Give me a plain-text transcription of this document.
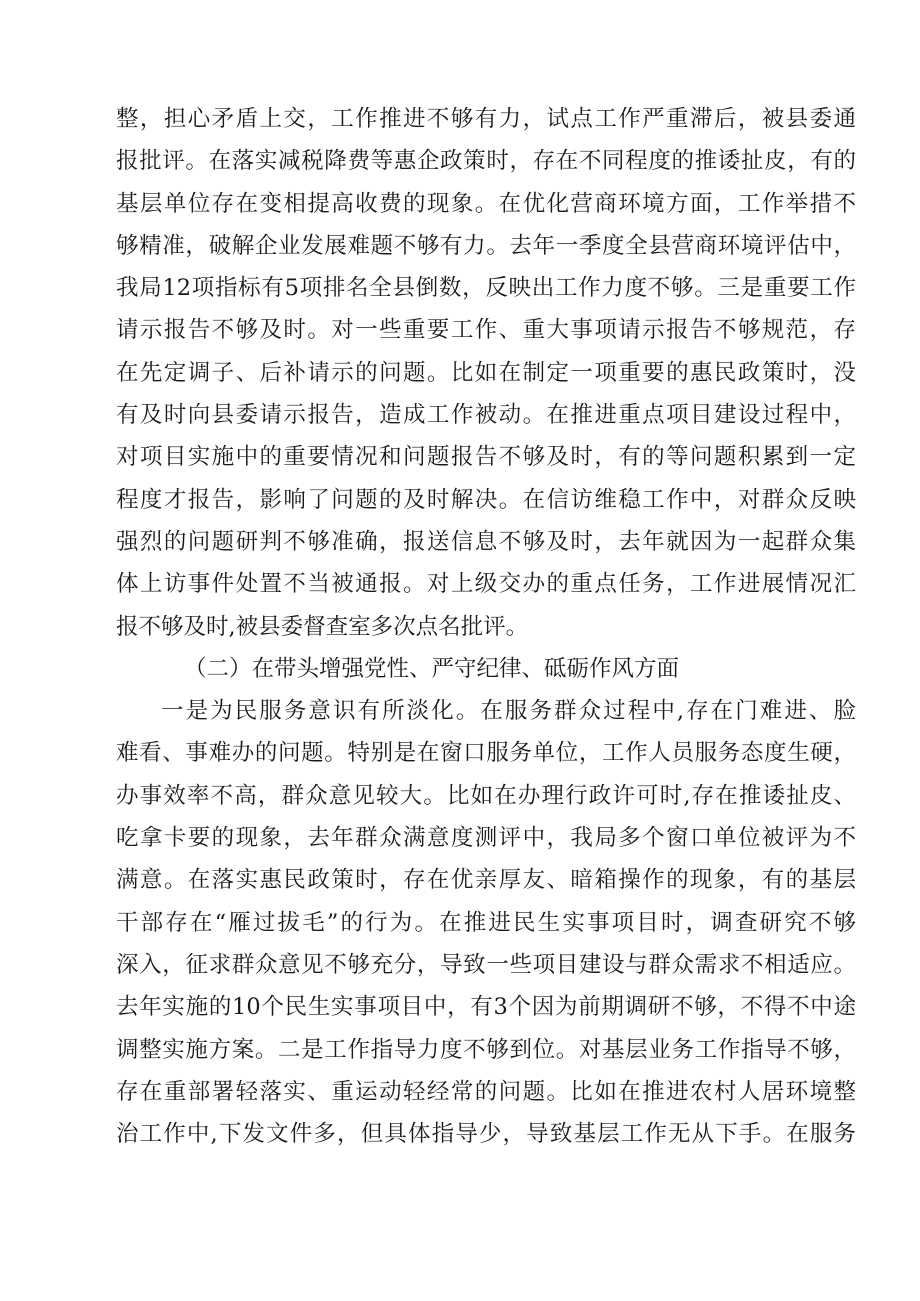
整，担心矛盾上交，工作推进不够有力，试点工作严重滞后，被县委通
报批评。在落实减税降费等惠企政策时，存在不同程度的推诿扯皮，有的
基层单位存在变相提高收费的现象。在优化营商环境方面，工作举措不
够精准，破解企业发展难题不够有力。去年一季度全县营商环境评估中，
我局12项指标有5项排名全县倒数，反映出工作力度不够。三是重要工作
请示报告不够及时。对一些重要工作、重大事项请示报告不够规范，存
在先定调子、后补请示的问题。比如在制定一项重要的惠民政策时，没
有及时向县委请示报告，造成工作被动。在推进重点项目建设过程中，
对项目实施中的重要情况和问题报告不够及时，有的等问题积累到一定
程度才报告，影响了问题的及时解决。在信访维稳工作中，对群众反映
强烈的问题研判不够准确，报送信息不够及时，去年就因为一起群众集
体上访事件处置不当被通报。对上级交办的重点任务，工作进展情况汇
报不够及时,被县委督查室多次点名批评。
（二）在带头增强党性、严守纪律、砥砺作风方面
一是为民服务意识有所淡化。在服务群众过程中,存在门难进、脸
难看、事难办的问题。特别是在窗口服务单位，工作人员服务态度生硬，
办事效率不高，群众意见较大。比如在办理行政许可时,存在推诿扯皮、
吃拿卡要的现象，去年群众满意度测评中，我局多个窗口单位被评为不
满意。在落实惠民政策时，存在优亲厚友、暗箱操作的现象，有的基层
干部存在“雁过拔毛”的行为。在推进民生实事项目时，调查研究不够
深入，征求群众意见不够充分，导致一些项目建设与群众需求不相适应。
去年实施的10个民生实事项目中，有3个因为前期调研不够，不得不中途
调整实施方案。二是工作指导力度不够到位。对基层业务工作指导不够，
存在重部署轻落实、重运动轻经常的问题。比如在推进农村人居环境整
治工作中,下发文件多，但具体指导少，导致基层工作无从下手。在服务
